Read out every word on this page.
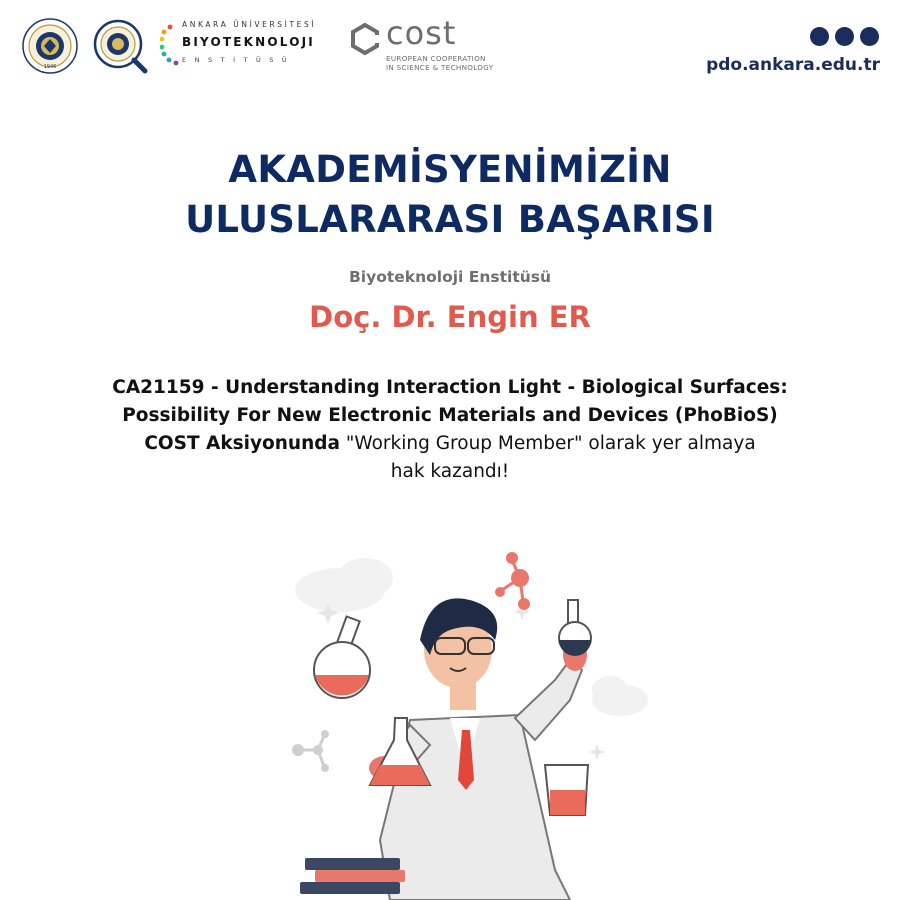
1946
ANKARA ÜNİVERSİTESİ
BIYOTEKNOLOJI
ENSTİTÜSÜ
cost
EUROPEAN COOPERATION
IN SCIENCE & TECHNOLOGY	pdo.ankara.edu.tr
AKADEMİSYENİMİZİN
ULUSLARARASI BAŞARISI
Biyoteknoloji Enstitüsü
Doç. Dr. Engin ER
CA21159 - Understanding Interaction Light - Biological Surfaces:
Possibility For New Electronic Materials and Devices (PhoBioS)
COST Aksiyonunda "Working Group Member" olarak yer almaya
hak kazandı!
